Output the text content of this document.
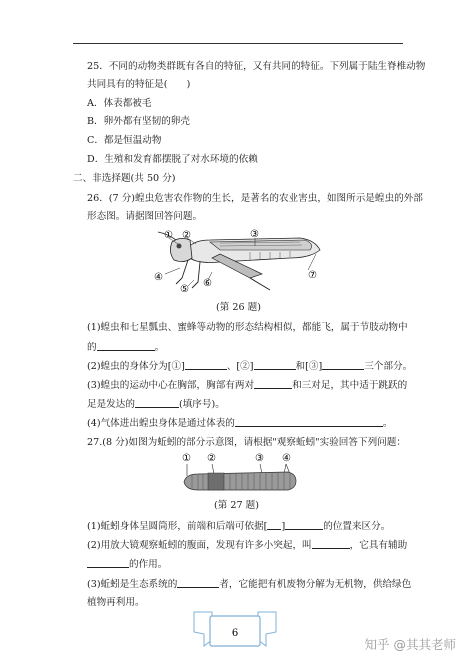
25．不同的动物类群既有各自的特征，又有共同的特征。下列属于陆生脊椎动物
共同具有的特征是(　　)
A．体表都被毛
B．卵外都有坚韧的卵壳
C．都是恒温动物
D．生殖和发育都摆脱了对水环境的依赖
二、非选择题(共 50 分)
26．(7 分)蝗虫危害农作物的生长，是著名的农业害虫，如图所示是蝗虫的外部
形态图。请据图回答问题。
① ②	③
④
⑤
⑥
⑦
(第 26 题)
(1)蝗虫和七星瓢虫、蜜蜂等动物的形态结构相似，都能飞，属于节肢动物中
的	。
(2)蝗虫的身体分为[①]	、[②]	和[③]	三个部分。
(3)蝗虫的运动中心在胸部，胸部有两对	和三对足，其中适于跳跃的
足是发达的	(填序号)。
(4)气体进出蝗虫身体是通过体表的	。
27.(8 分)如图为蚯蚓的部分示意图，请根据"观察蚯蚓"实验回答下列问题：
① ②	③ ④
(第 27 题)
(1)蚯蚓身体呈圆筒形，前端和后端可依据[ ]	的位置来区分。
(2)用放大镜观察蚯蚓的腹面，发现有许多小突起，叫	，它具有辅助
的作用。
(3)蚯蚓是生态系统的	者，它能把有机废物分解为无机物，供给绿色
植物再利用。
6
知乎 @其其老师
